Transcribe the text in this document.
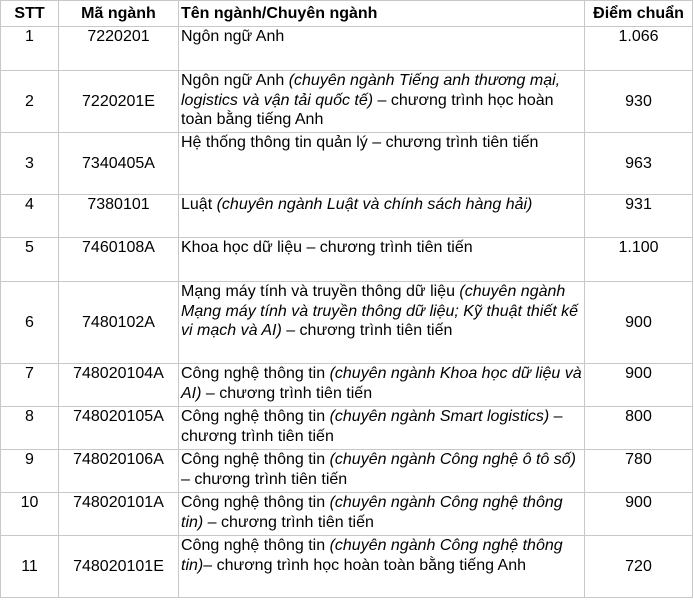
STT	Mã ngành	Tên ngành/Chuyên ngành	Điểm chuẩn
1	7220201	Ngôn ngữ Anh	1.066
2	7220201E	Ngôn ngữ Anh (chuyên ngành Tiếng anh thương mại, logistics và vận tải quốc tế) – chương trình học hoàn toàn bằng tiếng Anh	930
3	7340405A	Hệ thống thông tin quản lý – chương trình tiên tiến	963
4	7380101	Luật (chuyên ngành Luật và chính sách hàng hải)	931
5	7460108A	Khoa học dữ liệu – chương trình tiên tiến	1.100
6	7480102A	Mạng máy tính và truyền thông dữ liệu (chuyên ngành Mạng máy tính và truyền thông dữ liệu; Kỹ thuật thiết kế vi mạch và AI) – chương trình tiên tiến	900
7	748020104A	Công nghệ thông tin (chuyên ngành Khoa học dữ liệu và AI) – chương trình tiên tiến	900
8	748020105A	Công nghệ thông tin (chuyên ngành Smart logistics) – chương trình tiên tiến	800
9	748020106A	Công nghệ thông tin (chuyên ngành Công nghệ ô tô số) – chương trình tiên tiến	780
10	748020101A	Công nghệ thông tin (chuyên ngành Công nghệ thông tin) – chương trình tiên tiến	900
11	748020101E	Công nghệ thông tin (chuyên ngành Công nghệ thông tin)– chương trình học hoàn toàn bằng tiếng Anh	720
